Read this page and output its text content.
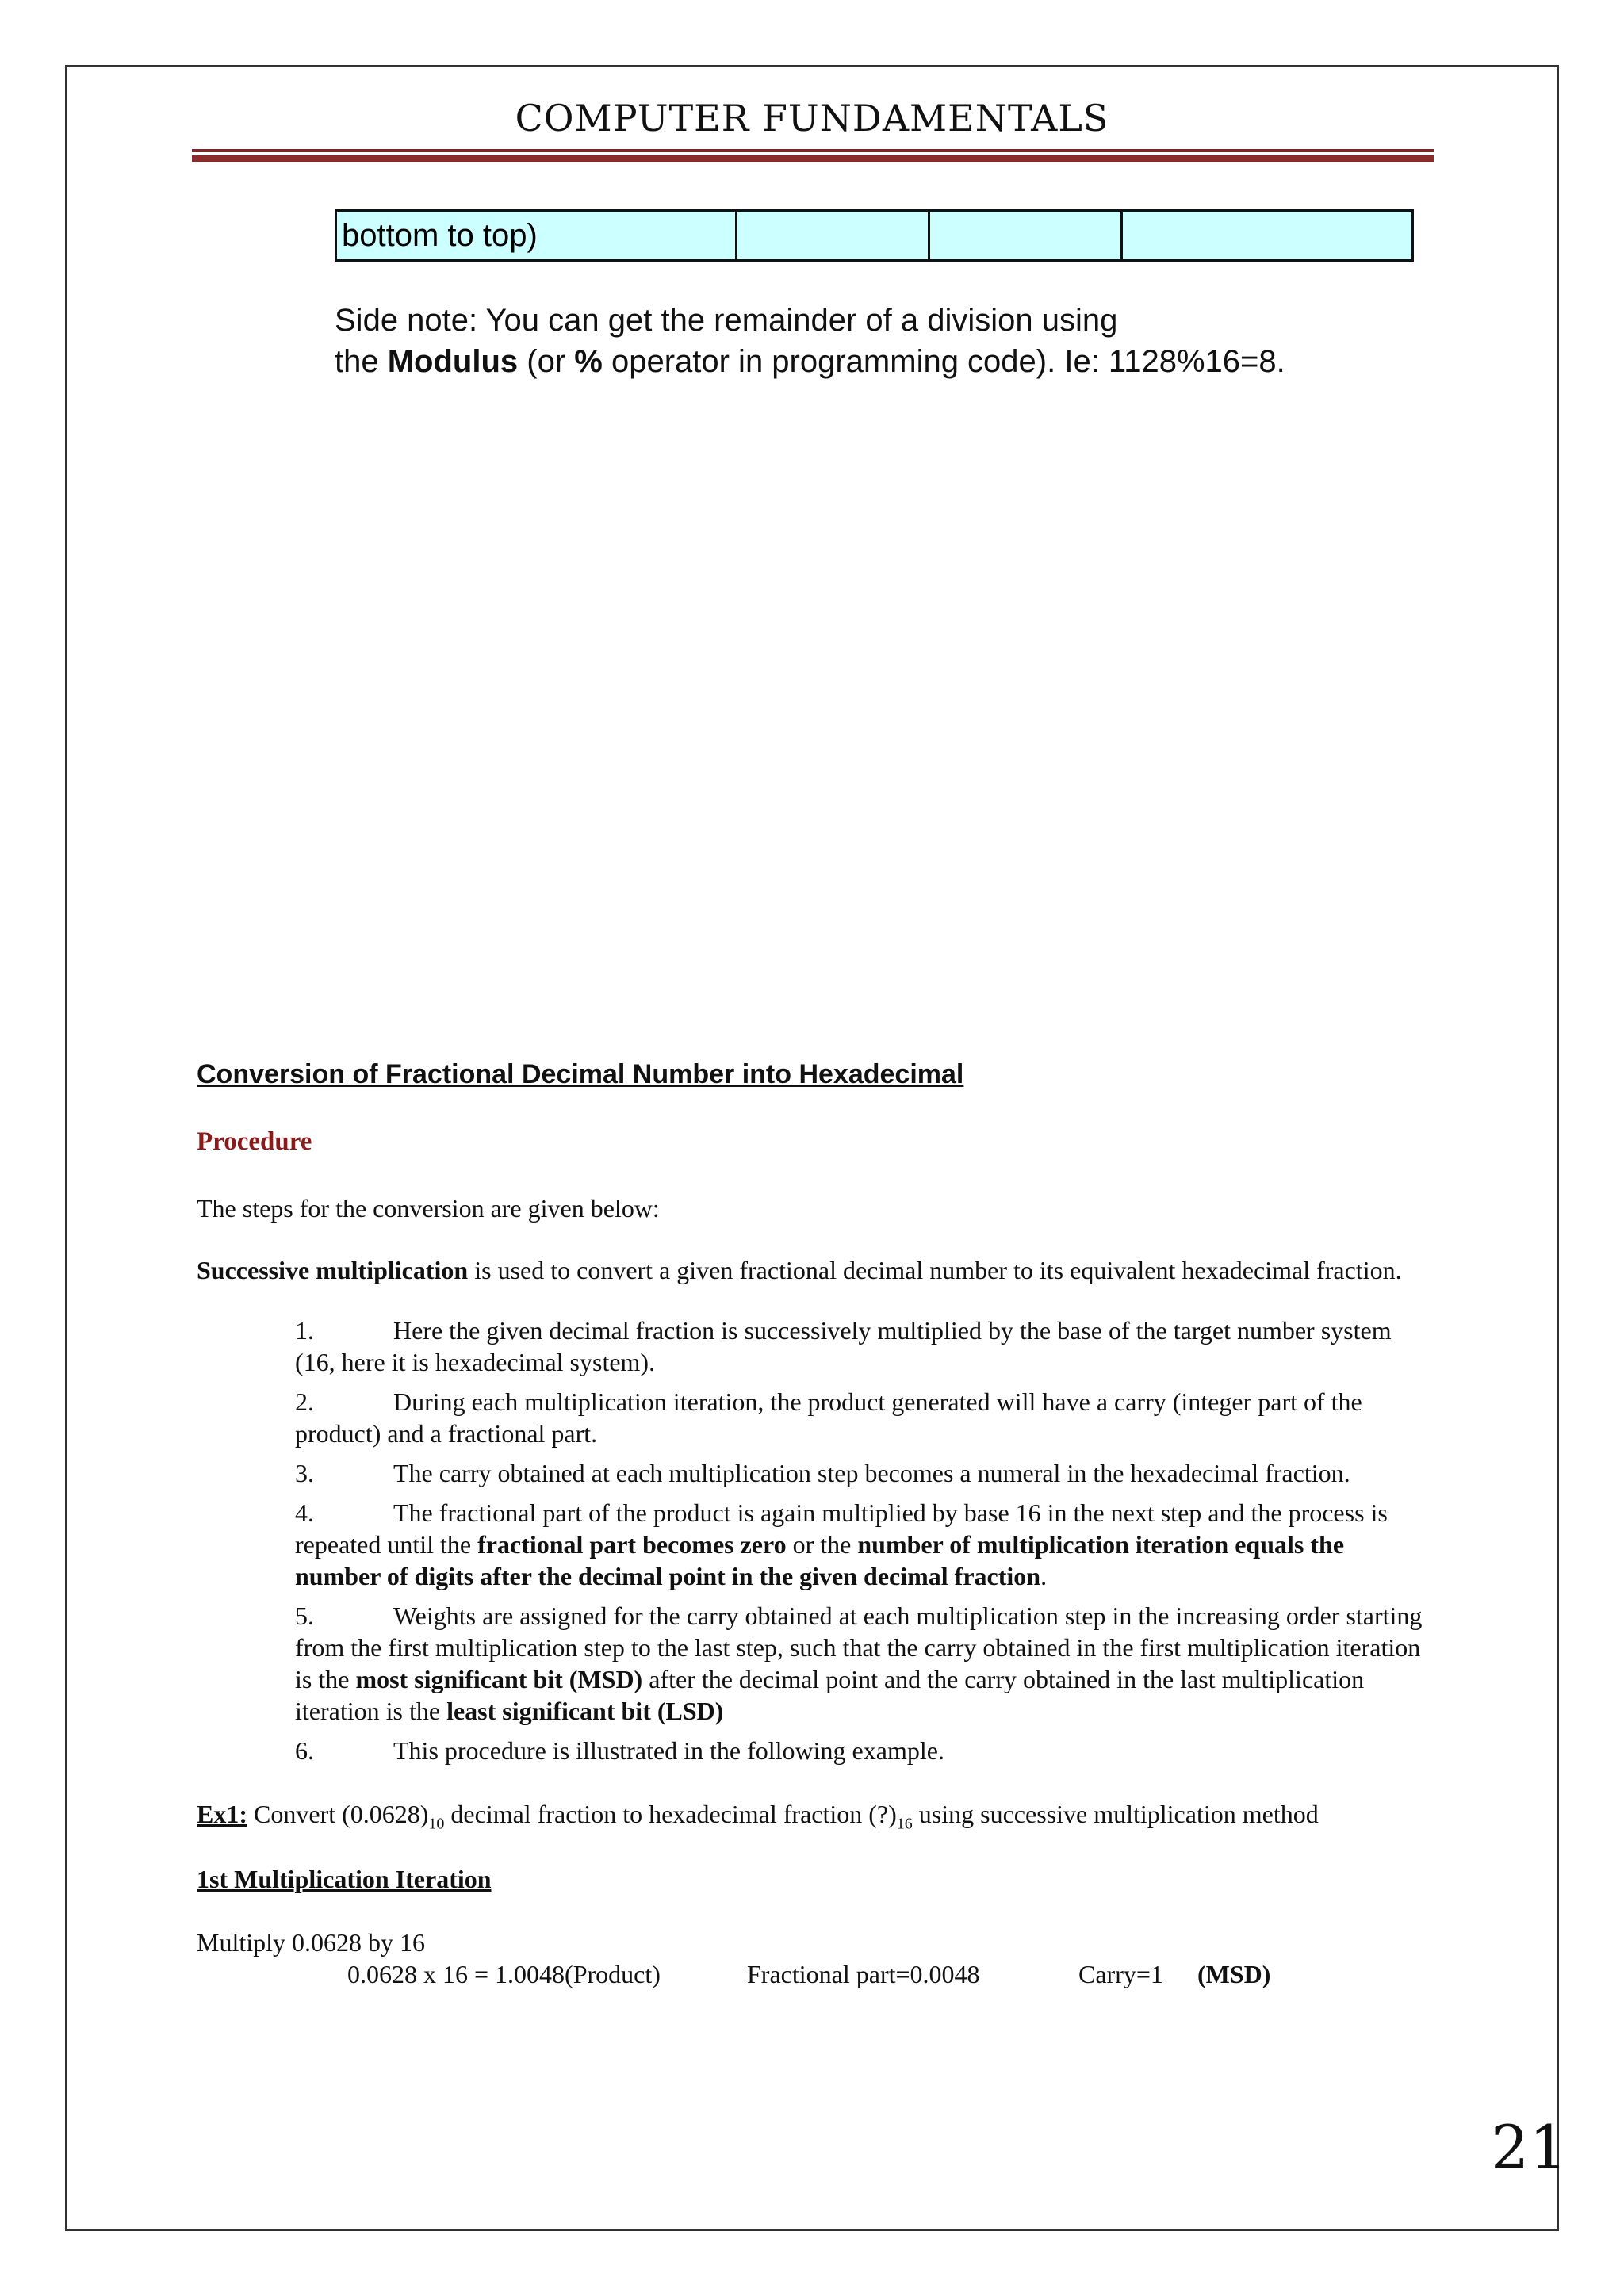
COMPUTER FUNDAMENTALS
bottom to top)			
Side note: You can get the remainder of a division using
the Modulus (or % operator in programming code). Ie: 1128%16=8.
Conversion of Fractional Decimal Number into Hexadecimal
Procedure
The steps for the conversion are given below:
Successive multiplication is used to convert a given fractional decimal number to its equivalent hexadecimal fraction.
1.	Here the given decimal fraction is successively multiplied by the base of the target number system (16, here it is hexadecimal system).
2.	During each multiplication iteration, the product generated will have a carry (integer part of the product) and a fractional part.
3.	The carry obtained at each multiplication step becomes a numeral in the hexadecimal fraction.
4.	The fractional part of the product is again multiplied by base 16 in the next step and the process is repeated until the fractional part becomes zero or the number of multiplication iteration equals the number of digits after the decimal point in the given decimal fraction.
5.	Weights are assigned for the carry obtained at each multiplication step in the increasing order starting from the first multiplication step to the last step, such that the carry obtained in the first multiplication iteration is the most significant bit (MSD) after the decimal point and the carry obtained in the last multiplication iteration is the least significant bit (LSD)
6.	This procedure is illustrated in the following example.
Ex1: Convert $(0.0628)_{10}$ decimal fraction to hexadecimal fraction $(?)_{16}$ using successive multiplication method
1st Multiplication Iteration
Multiply 0.0628 by 16
0.0628 x 16 = 1.0048(Product)	Fractional part=0.0048	Carry=1 (MSD)
21
